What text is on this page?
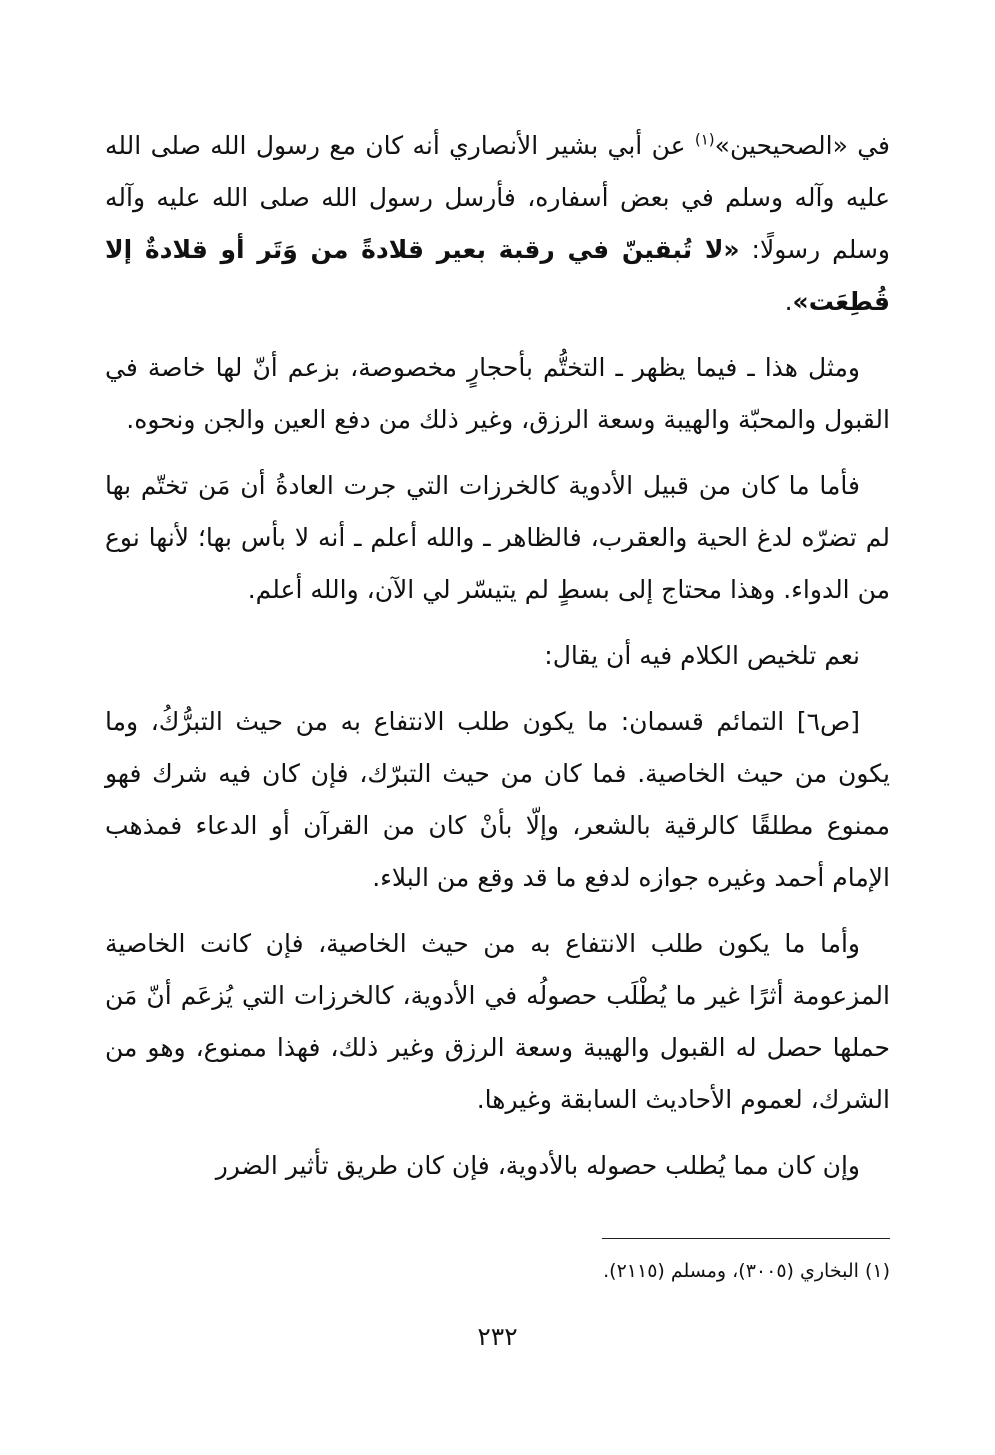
في «الصحيحين»$^{(١)}$ عن أبي بشير الأنصاري أنه كان مع رسول الله صلى الله عليه وآله وسلم في بعض أسفاره، فأرسل رسول الله صلى الله عليه وآله وسلم رسولًا: «لا تُبقينّ في رقبة بعير قلادةً من وَتَر أو قلادةٌ إلا قُطِعَت».

ومثل هذا ـ فيما يظهر ـ التختُّم بأحجارٍ مخصوصة، بزعم أنّ لها خاصة في القبول والمحبّة والهيبة وسعة الرزق، وغير ذلك من دفع العين والجن ونحوه.

فأما ما كان من قبيل الأدوية كالخرزات التي جرت العادةُ أن مَن تختّم بها لم تضرّه لدغ الحية والعقرب، فالظاهر ـ والله أعلم ـ أنه لا بأس بها؛ لأنها نوع من الدواء. وهذا محتاج إلى بسطٍ لم يتيسّر لي الآن، والله أعلم.

نعم تلخيص الكلام فيه أن يقال:

[ص٦] التمائم قسمان: ما يكون طلب الانتفاع به من حيث التبرُّكُ، وما يكون من حيث الخاصية. فما كان من حيث التبرّك، فإن كان فيه شرك فهو ممنوع مطلقًا كالرقية بالشعر، وإلّا بأنْ كان من القرآن أو الدعاء فمذهب الإمام أحمد وغيره جوازه لدفع ما قد وقع من البلاء.

وأما ما يكون طلب الانتفاع به من حيث الخاصية، فإن كانت الخاصية المزعومة أثرًا غير ما يُطْلَب حصولُه في الأدوية، كالخرزات التي يُزعَم أنّ مَن حملها حصل له القبول والهيبة وسعة الرزق وغير ذلك، فهذا ممنوع، وهو من الشرك، لعموم الأحاديث السابقة وغيرها.

وإن كان مما يُطلب حصوله بالأدوية، فإن كان طريق تأثير الضرر

(١) البخاري (٣٠٠٥)، ومسلم (٢١١٥).
٢٣٢
